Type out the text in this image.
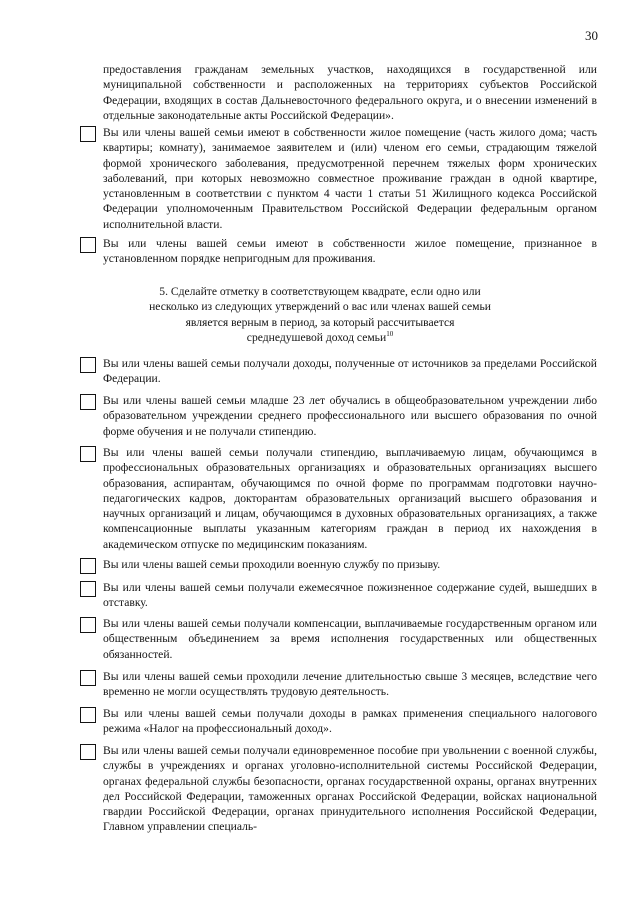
30

предоставления гражданам земельных участков, находящихся в государственной или муниципальной собственности и расположенных на территориях субъектов Российской Федерации, входящих в состав Дальневосточного федерального округа, и о внесении изменений в отдельные законодательные акты Российской Федерации».

Вы или члены вашей семьи имеют в собственности жилое помещение (часть жилого дома; часть квартиры; комнату), занимаемое заявителем и (или) членом его семьи, страдающим тяжелой формой хронического заболевания, предусмотренной перечнем тяжелых форм хронических заболеваний, при которых невозможно совместное проживание граждан в одной квартире, установленным в соответствии с пунктом 4 части 1 статьи 51 Жилищного кодекса Российской Федерации уполномоченным Правительством Российской Федерации федеральным органом исполнительной власти.
Вы или члены вашей семьи имеют в собственности жилое помещение, признанное в установленном порядке непригодным для проживания.
5. Сделайте отметку в соответствующем квадрате, если одно или
несколько из следующих утверждений о вас или членах вашей семьи
является верным в период, за который рассчитывается
среднедушевой доход семьи$^{10}$
Вы или члены вашей семьи получали доходы, полученные от источников за пределами Российской Федерации.
Вы или члены вашей семьи младше 23 лет обучались в общеобразовательном учреждении либо образовательном учреждении среднего профессионального или высшего образования по очной форме обучения и не получали стипендию.
Вы или члены вашей семьи получали стипендию, выплачиваемую лицам, обучающимся в профессиональных образовательных организациях и образовательных организациях высшего образования, аспирантам, обучающимся по очной форме по программам подготовки научно-педагогических кадров, докторантам образовательных организаций высшего образования и научных организаций и лицам, обучающимся в духовных образовательных организациях, а также компенсационные выплаты указанным категориям граждан в период их нахождения в академическом отпуске по медицинским показаниям.
Вы или члены вашей семьи проходили военную службу по призыву.
Вы или члены вашей семьи получали ежемесячное пожизненное содержание судей, вышедших в отставку.
Вы или члены вашей семьи получали компенсации, выплачиваемые государственным органом или общественным объединением за время исполнения государственных или общественных обязанностей.
Вы или члены вашей семьи проходили лечение длительностью свыше 3 месяцев, вследствие чего временно не могли осуществлять трудовую деятельность.
Вы или члены вашей семьи получали доходы в рамках применения специального налогового режима «Налог на профессиональный доход».
Вы или члены вашей семьи получали единовременное пособие при увольнении с военной службы, службы в учреждениях и органах уголовно-исполнительной системы Российской Федерации, органах федеральной службы безопасности, органах государственной охраны, органах внутренних дел Российской Федерации, таможенных органах Российской Федерации, войсках национальной гвардии Российской Федерации, органах принудительного исполнения Российской Федерации, Главном управлении специаль-
